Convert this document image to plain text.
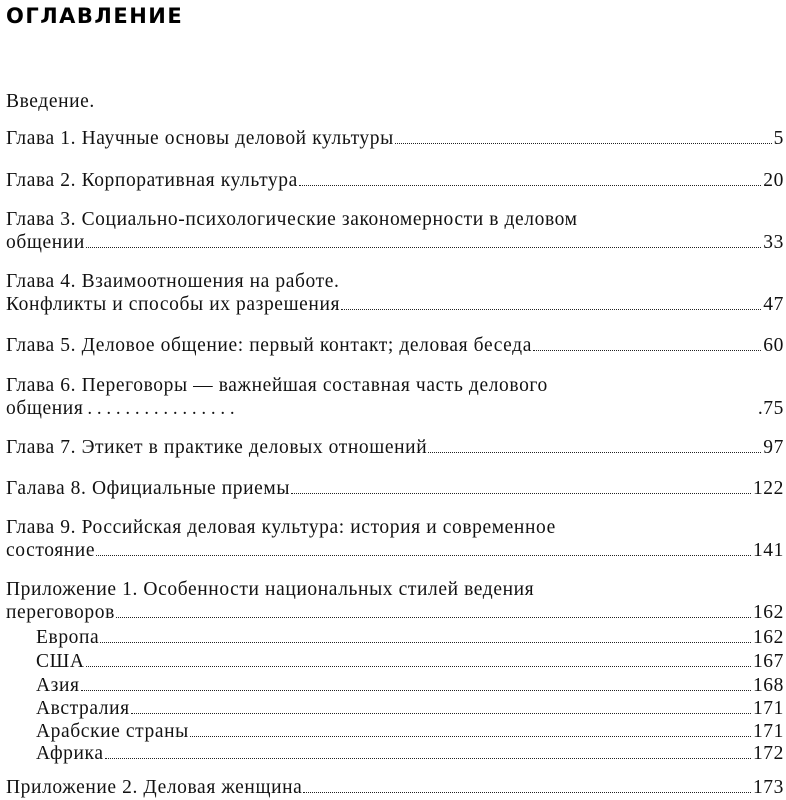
ОГЛАВЛЕНИЕ
Введение.
Глава 1. Научные основы деловой культуры	5
Глава 2. Корпоративная культура	20
Глава 3. Социально-психологические закономерности в деловом
общении	33
Глава 4. Взаимоотношения на работе.
Конфликты и способы их разрешения	47
Глава 5. Деловое общение: первый контакт; деловая беседа	60
Глава 6. Переговоры — важнейшая составная часть делового
общения . . . . . . . . . . . . . . . .	.75
Глава 7. Этикет в практике деловых отношений	97
Галава 8. Официальные приемы	122
Глава 9. Российская деловая культура: история и современное
состояние	141
Приложение 1. Особенности национальных стилей ведения
переговоров	162
Европа	162
США	167
Азия	168
Австралия	171
Арабские страны	171
Африка	172
Приложение 2. Деловая женщина	173
